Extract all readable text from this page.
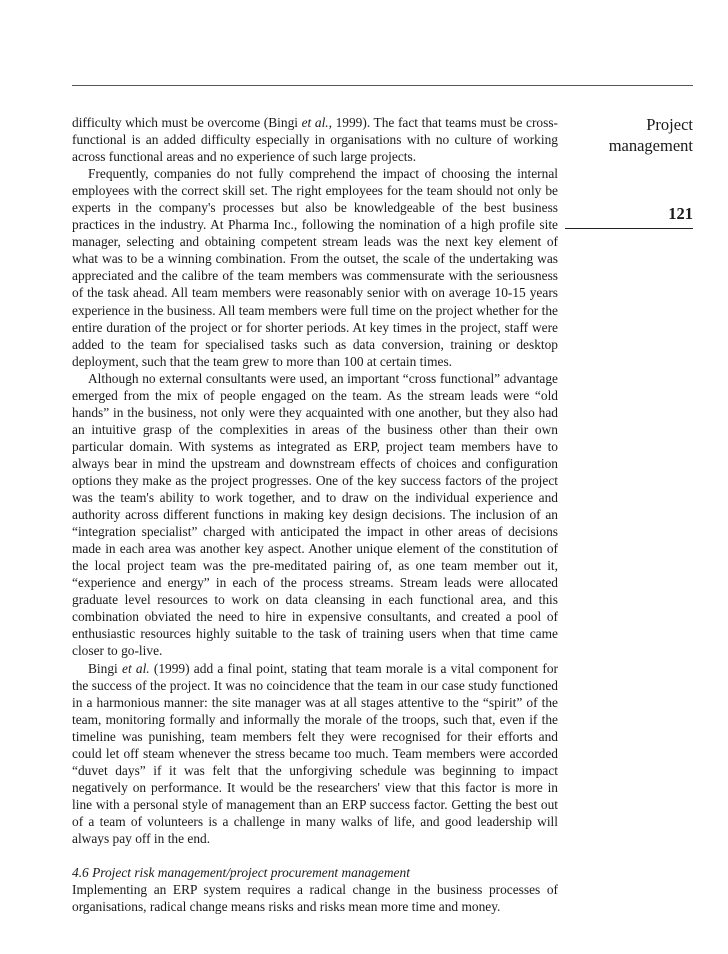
difficulty which must be overcome (Bingi et al., 1999). The fact that teams must be cross-functional is an added difficulty especially in organisations with no culture of working across functional areas and no experience of such large projects.

Frequently, companies do not fully comprehend the impact of choosing the internal employees with the correct skill set. The right employees for the team should not only be experts in the company's processes but also be knowledgeable of the best business practices in the industry. At Pharma Inc., following the nomination of a high profile site manager, selecting and obtaining competent stream leads was the next key element of what was to be a winning combination. From the outset, the scale of the undertaking was appreciated and the calibre of the team members was commensurate with the seriousness of the task ahead. All team members were reasonably senior with on average 10-15 years experience in the business. All team members were full time on the project whether for the entire duration of the project or for shorter periods. At key times in the project, staff were added to the team for specialised tasks such as data conversion, training or desktop deployment, such that the team grew to more than 100 at certain times.

Although no external consultants were used, an important “cross functional” advantage emerged from the mix of people engaged on the team. As the stream leads were “old hands” in the business, not only were they acquainted with one another, but they also had an intuitive grasp of the complexities in areas of the business other than their own particular domain. With systems as integrated as ERP, project team members have to always bear in mind the upstream and downstream effects of choices and configuration options they make as the project progresses. One of the key success factors of the project was the team's ability to work together, and to draw on the individual experience and authority across different functions in making key design decisions. The inclusion of an “integration specialist” charged with anticipated the impact in other areas of decisions made in each area was another key aspect. Another unique element of the constitution of the local project team was the pre-meditated pairing of, as one team member out it, “experience and energy” in each of the process streams. Stream leads were allocated graduate level resources to work on data cleansing in each functional area, and this combination obviated the need to hire in expensive consultants, and created a pool of enthusiastic resources highly suitable to the task of training users when that time came closer to go-live.

Bingi et al. (1999) add a final point, stating that team morale is a vital component for the success of the project. It was no coincidence that the team in our case study functioned in a harmonious manner: the site manager was at all stages attentive to the “spirit” of the team, monitoring formally and informally the morale of the troops, such that, even if the timeline was punishing, team members felt they were recognised for their efforts and could let off steam whenever the stress became too much. Team members were accorded “duvet days” if it was felt that the unforgiving schedule was beginning to impact negatively on performance. It would be the researchers' view that this factor is more in line with a personal style of management than an ERP success factor. Getting the best out of a team of volunteers is a challenge in many walks of life, and good leadership will always pay off in the end.

4.6 Project risk management/project procurement management

Implementing an ERP system requires a radical change in the business processes of organisations, radical change means risks and risks mean more time and money.

Project
management
121
